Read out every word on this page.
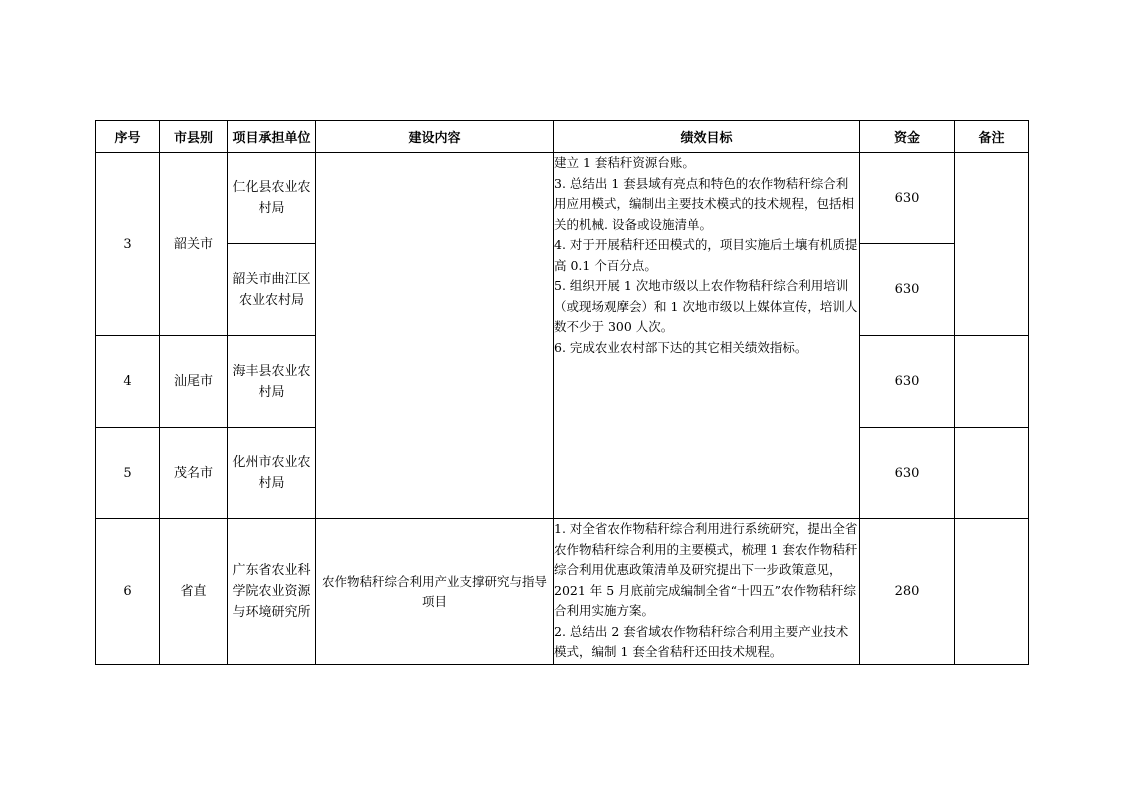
序号	市县别	项目承担单位	建设内容	绩效目标	资金	备注
3	韶关市	仁化县农业农村局		建立 1 套秸秆资源台账。
3. 总结出 1 套县域有亮点和特色的农作物秸秆综合利用应用模式，编制出主要技术模式的技术规程，包括相关的机械. 设备或设施清单。
4. 对于开展秸秆还田模式的，项目实施后土壤有机质提高 0.1 个百分点。
5. 组织开展 1 次地市级以上农作物秸秆综合利用培训（或现场观摩会）和 1 次地市级以上媒体宣传，培训人数不少于 300 人次。
6. 完成农业农村部下达的其它相关绩效指标。	630	
		韶关市曲江区农业农村局			630	
4	汕尾市	海丰县农业农村局			630	
5	茂名市	化州市农业农村局			630	
6	省直	广东省农业科学院农业资源与环境研究所	农作物秸秆综合利用产业支撑研究与指导项目	1. 对全省农作物秸秆综合利用进行系统研究，提出全省农作物秸秆综合利用的主要模式，梳理 1 套农作物秸秆综合利用优惠政策清单及研究提出下一步政策意见，2021 年 5 月底前完成编制全省“十四五”农作物秸秆综合利用实施方案。
2. 总结出 2 套省域农作物秸秆综合利用主要产业技术模式，编制 1 套全省秸秆还田技术规程。	280	
